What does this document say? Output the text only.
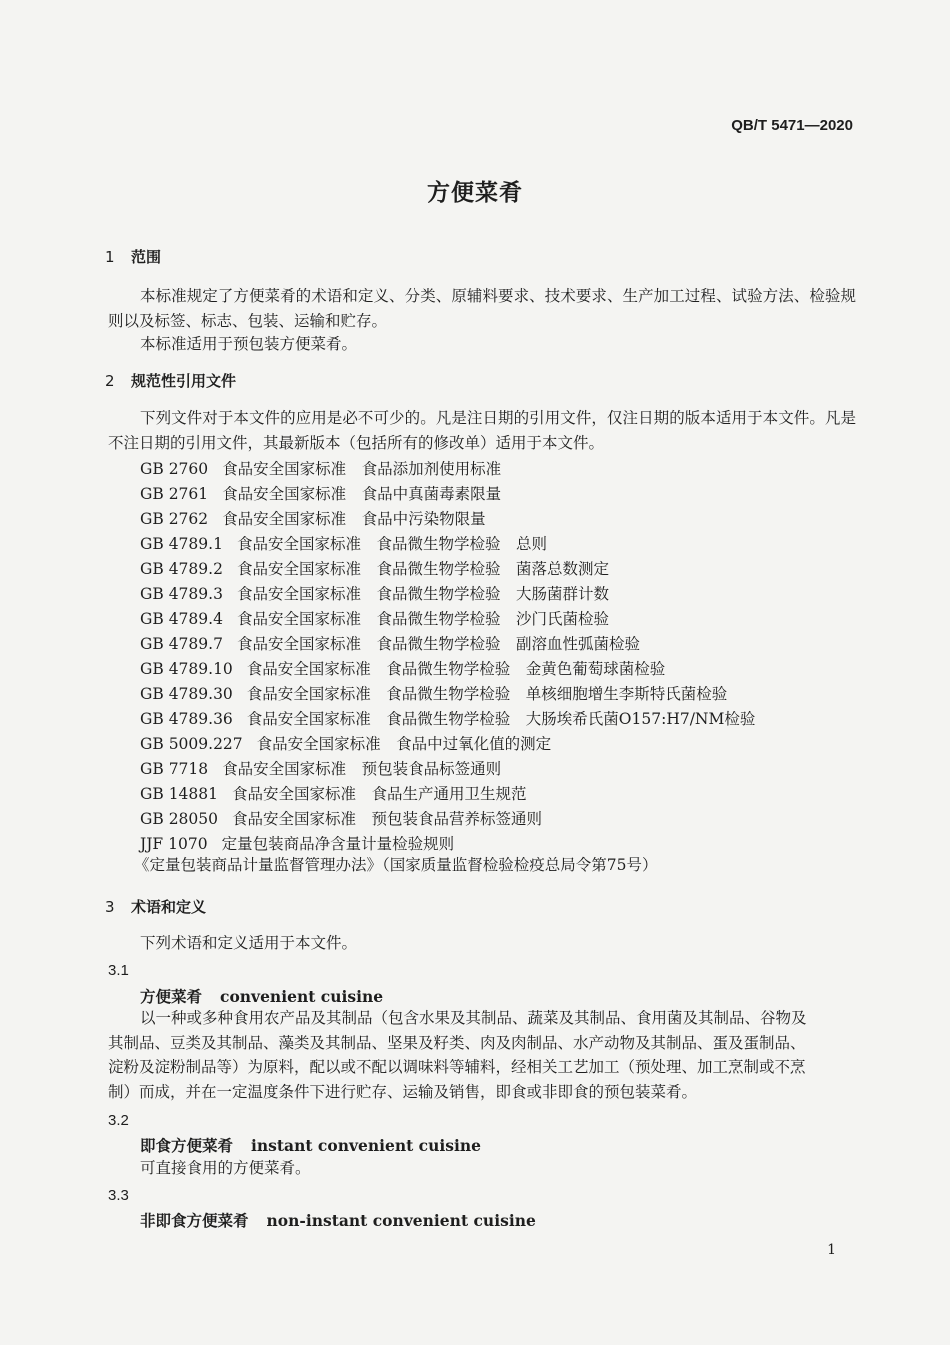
QB/T 5471—2020
方便菜肴
1 范围
本标准规定了方便菜肴的术语和定义、分类、原辅料要求、技术要求、生产加工过程、试验方法、检验规则以及标签、标志、包装、运输和贮存。
本标准适用于预包装方便菜肴。
2 规范性引用文件
下列文件对于本文件的应用是必不可少的。凡是注日期的引用文件，仅注日期的版本适用于本文件。凡是不注日期的引用文件，其最新版本（包括所有的修改单）适用于本文件。
GB 2760 食品安全国家标准　食品添加剂使用标准
GB 2761 食品安全国家标准　食品中真菌毒素限量
GB 2762 食品安全国家标准　食品中污染物限量
GB 4789.1 食品安全国家标准　食品微生物学检验　总则
GB 4789.2 食品安全国家标准　食品微生物学检验　菌落总数测定
GB 4789.3 食品安全国家标准　食品微生物学检验　大肠菌群计数
GB 4789.4 食品安全国家标准　食品微生物学检验　沙门氏菌检验
GB 4789.7 食品安全国家标准　食品微生物学检验　副溶血性弧菌检验
GB 4789.10 食品安全国家标准　食品微生物学检验　金黄色葡萄球菌检验
GB 4789.30 食品安全国家标准　食品微生物学检验　单核细胞增生李斯特氏菌检验
GB 4789.36 食品安全国家标准　食品微生物学检验　大肠埃希氏菌O157:H7/NM检验
GB 5009.227 食品安全国家标准　食品中过氧化值的测定
GB 7718 食品安全国家标准　预包装食品标签通则
GB 14881 食品安全国家标准　食品生产通用卫生规范
GB 28050 食品安全国家标准　预包装食品营养标签通则
JJF 1070 定量包装商品净含量计量检验规则
《定量包装商品计量监督管理办法》（国家质量监督检验检疫总局令第75号）
3 术语和定义
下列术语和定义适用于本文件。
3.1
方便菜肴 convenient cuisine
以一种或多种食用农产品及其制品（包含水果及其制品、蔬菜及其制品、食用菌及其制品、谷物及
其制品、豆类及其制品、藻类及其制品、坚果及籽类、肉及肉制品、水产动物及其制品、蛋及蛋制品、
淀粉及淀粉制品等）为原料，配以或不配以调味料等辅料，经相关工艺加工（预处理、加工烹制或不烹
制）而成，并在一定温度条件下进行贮存、运输及销售，即食或非即食的预包装菜肴。
3.2
即食方便菜肴 instant convenient cuisine
可直接食用的方便菜肴。
3.3
非即食方便菜肴 non-instant convenient cuisine
1
